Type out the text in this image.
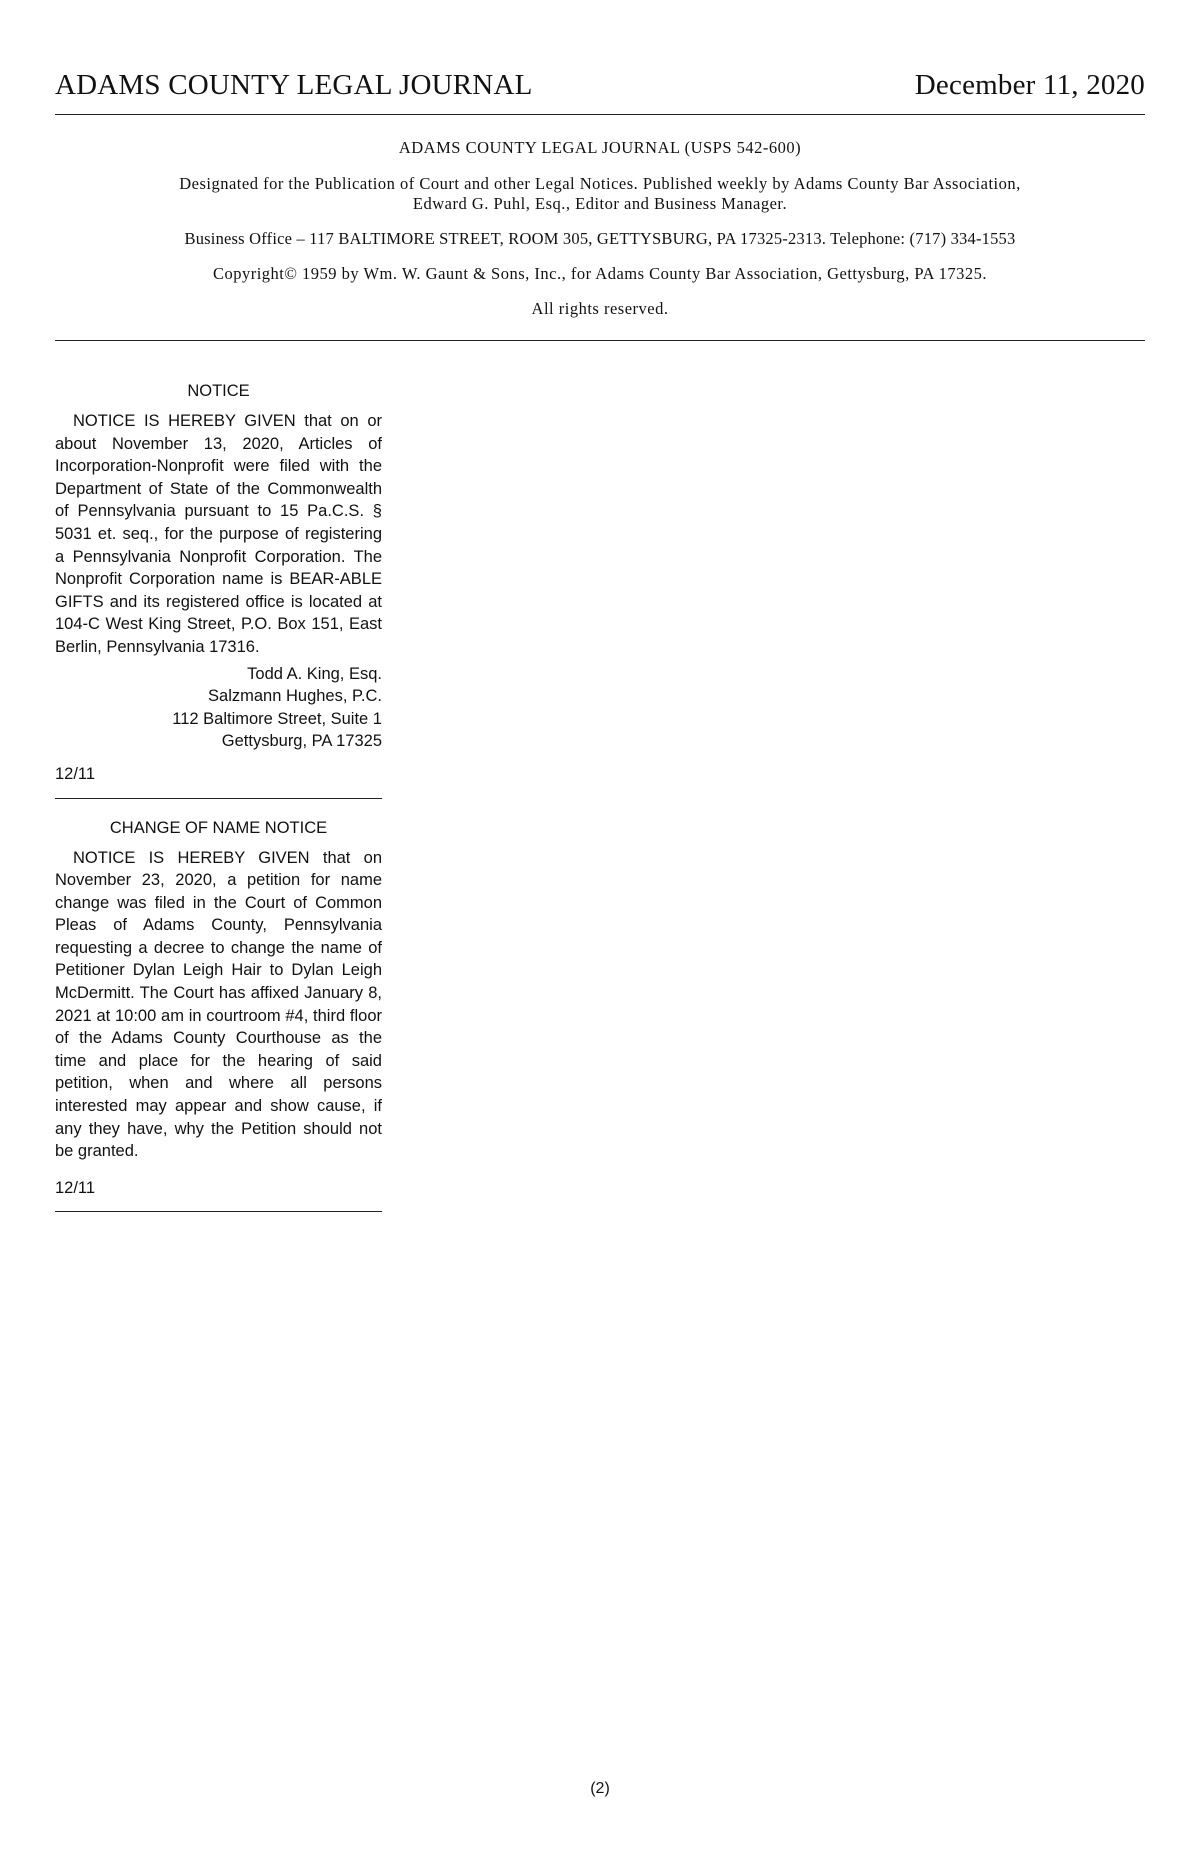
ADAMS COUNTY LEGAL JOURNAL	December 11, 2020

ADAMS COUNTY LEGAL JOURNAL (USPS 542-600)

Designated for the Publication of Court and other Legal Notices. Published weekly by Adams County Bar Association,

Edward G. Puhl, Esq., Editor and Business Manager.

Business Office – 117 BALTIMORE STREET, ROOM 305, GETTYSBURG, PA 17325-2313. Telephone: (717) 334-1553

Copyright© 1959 by Wm. W. Gaunt & Sons, Inc., for Adams County Bar Association, Gettysburg, PA 17325.

All rights reserved.

NOTICE

NOTICE IS HEREBY GIVEN that on or about November 13, 2020, Articles of Incorporation-Nonprofit were filed with the Department of State of the Commonwealth of Pennsylvania pursuant to 15 Pa.C.S. § 5031 et. seq., for the purpose of registering a Pennsylvania Nonprofit Corporation. The Nonprofit Corporation name is BEAR-ABLE GIFTS and its registered office is located at 104-C West King Street, P.O. Box 151, East Berlin, Pennsylvania 17316.

Todd A. King, Esq.
Salzmann Hughes, P.C.
112 Baltimore Street, Suite 1
Gettysburg, PA 17325
12/11

CHANGE OF NAME NOTICE

NOTICE IS HEREBY GIVEN that on November 23, 2020, a petition for name change was filed in the Court of Common Pleas of Adams County, Pennsylvania requesting a decree to change the name of Petitioner Dylan Leigh Hair to Dylan Leigh McDermitt. The Court has affixed January 8, 2021 at 10:00 am in courtroom #4, third floor of the Adams County Courthouse as the time and place for the hearing of said petition, when and where all persons interested may appear and show cause, if any they have, why the Petition should not be granted.

12/11
(2)
